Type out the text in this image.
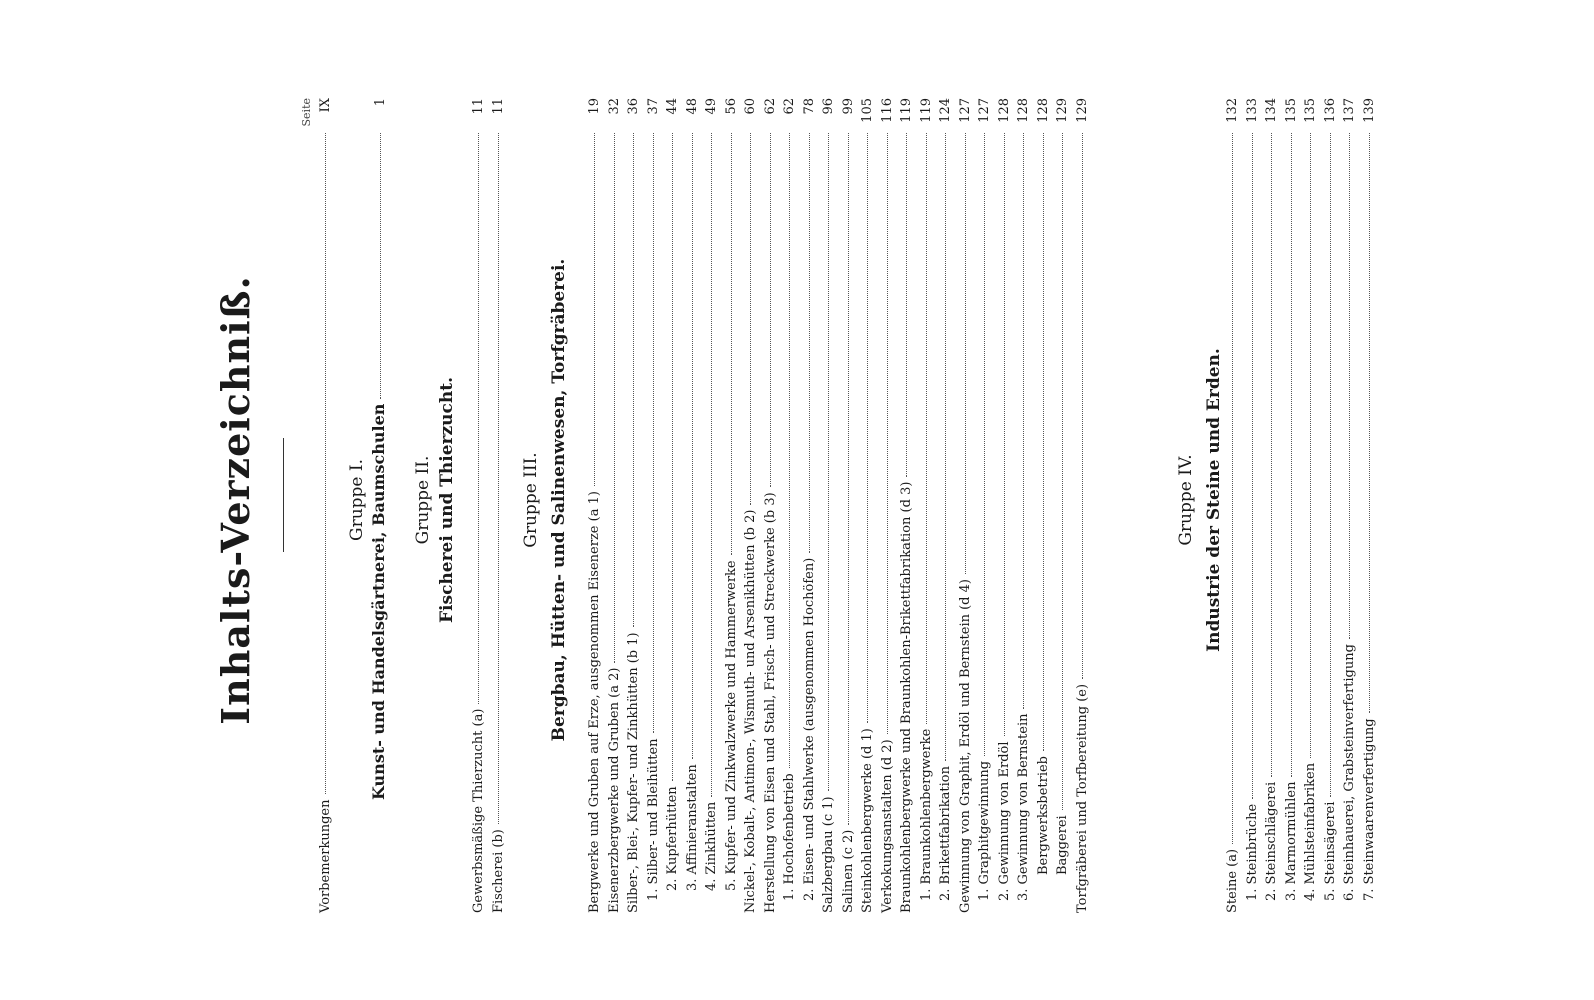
Inhalts-Verzeichniß.
Seite
Vorbemerkungen
IX
Gruppe I. Kunst- und Handelsgärtnerei, Baumschulen
1
Gruppe II. Fischerei und Thierzucht.
Gewerbsmäßige Thierzucht (a)
11
Fischerei (b)
11
Gruppe III. Bergbau, Hütten- und Salinenwesen, Torfgräberei. Bergwerke und Gruben auf Erze, ausgenommen Eisenerze (a 1)
19
Eisenerzbergwerke und Gruben (a 2)
32
Silber-, Blei-, Kupfer- und Zinkhütten (b 1)
36
1. Silber- und Bleihütten
37
2. Kupferhütten
44
3. Affinieranstalten
48
4. Zinkhütten
49
5. Kupfer- und Zinkwalzwerke und Hammerwerke
56
Nickel-, Kobalt-, Antimon-, Wismuth- und Arsenikhütten (b 2)
60
Herstellung von Eisen und Stahl, Frisch- und Streckwerke (b 3)
62
1. Hochofenbetrieb
62
2. Eisen- und Stahlwerke (ausgenommen Hochöfen)
78
Salzbergbau (c 1)
96
Salinen (c 2)
99
Steinkohlenbergwerke (d 1)
105
Verkokungsanstalten (d 2)
116
Braunkohlenbergwerke und Braunkohlen-Brikettfabrikation (d 3)
119
1. Braunkohlenbergwerke
119
2. Brikettfabrikation
124
Gewinnung von Graphit, Erdöl und Bernstein (d 4)
127
1. Graphitgewinnung
127
2. Gewinnung von Erdöl
128
3. Gewinnung von Bernstein
128
Bergwerksbetrieb
128
Baggerei
129
Torfgräberei und Torfbereitung (e)
129
Gruppe IV. Industrie der Steine und Erden.
Steine (a)
132
1. Steinbrüche
133
2. Steinschlägerei
134
3. Marmormühlen
135
4. Mühlsteinfabriken
135
5. Steinsägerei
136
6. Steinhauerei, Grabsteinverfertigung
137
7. Steinwaarenverfertigung
139
